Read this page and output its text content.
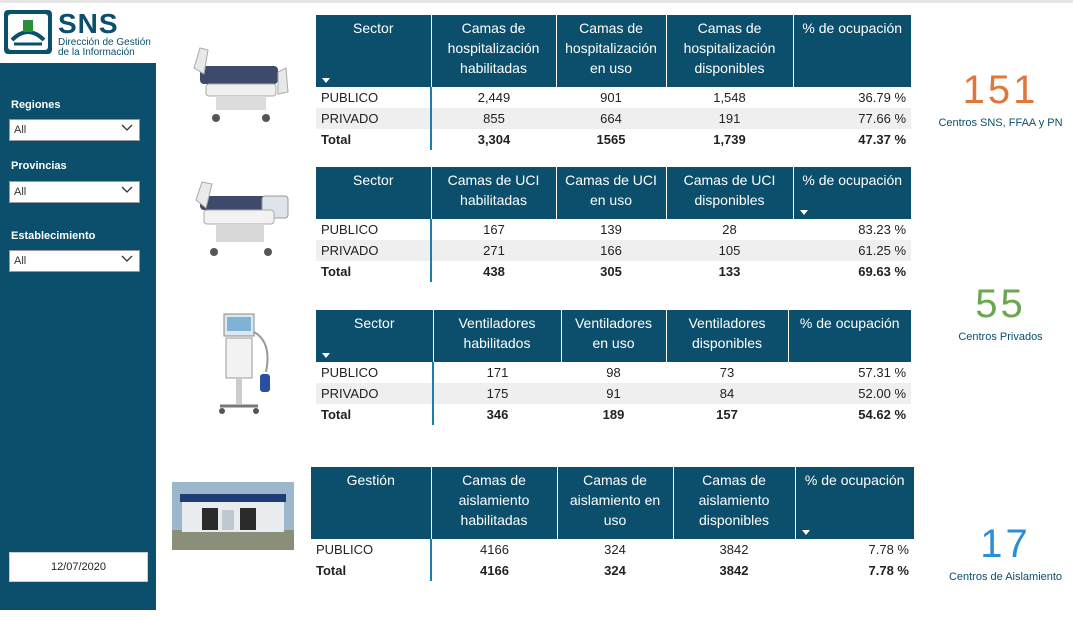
SNS
Dirección de Gestión
de la Información
Regiones
All
Provincias
All
Establecimiento
All
12/07/2020
Sector	Camas de hospitalización habilitadas	Camas de hospitalización en uso	Camas de hospitalización disponibles	% de ocupación
PUBLICO	2,449	901	1,548	36.79 %
PRIVADO	855	664	191	77.66 %
Total	3,304	1565	1,739	47.37 %
Sector	Camas de UCI habilitadas	Camas de UCI en uso	Camas de UCI disponibles	% de ocupación

PUBLICO	167	139	28	83.23 %
PRIVADO	271	166	105	61.25 %
Total	438	305	133	69.63 %
Sector	Ventiladores habilitados	Ventiladores en uso	Ventiladores disponibles	% de ocupación
PUBLICO	171	98	73	57.31 %
PRIVADO	175	91	84	52.00 %
Total	346	189	157	54.62 %
Gestión	Camas de aislamiento habilitadas	Camas de aislamiento en uso	Camas de aislamiento disponibles	% de ocupación

PUBLICO	4166	324	3842	7.78 %
Total	4166	324	3842	7.78 %
151
Centros SNS, FFAA y PN
55
Centros Privados
17
Centros de Aislamiento
